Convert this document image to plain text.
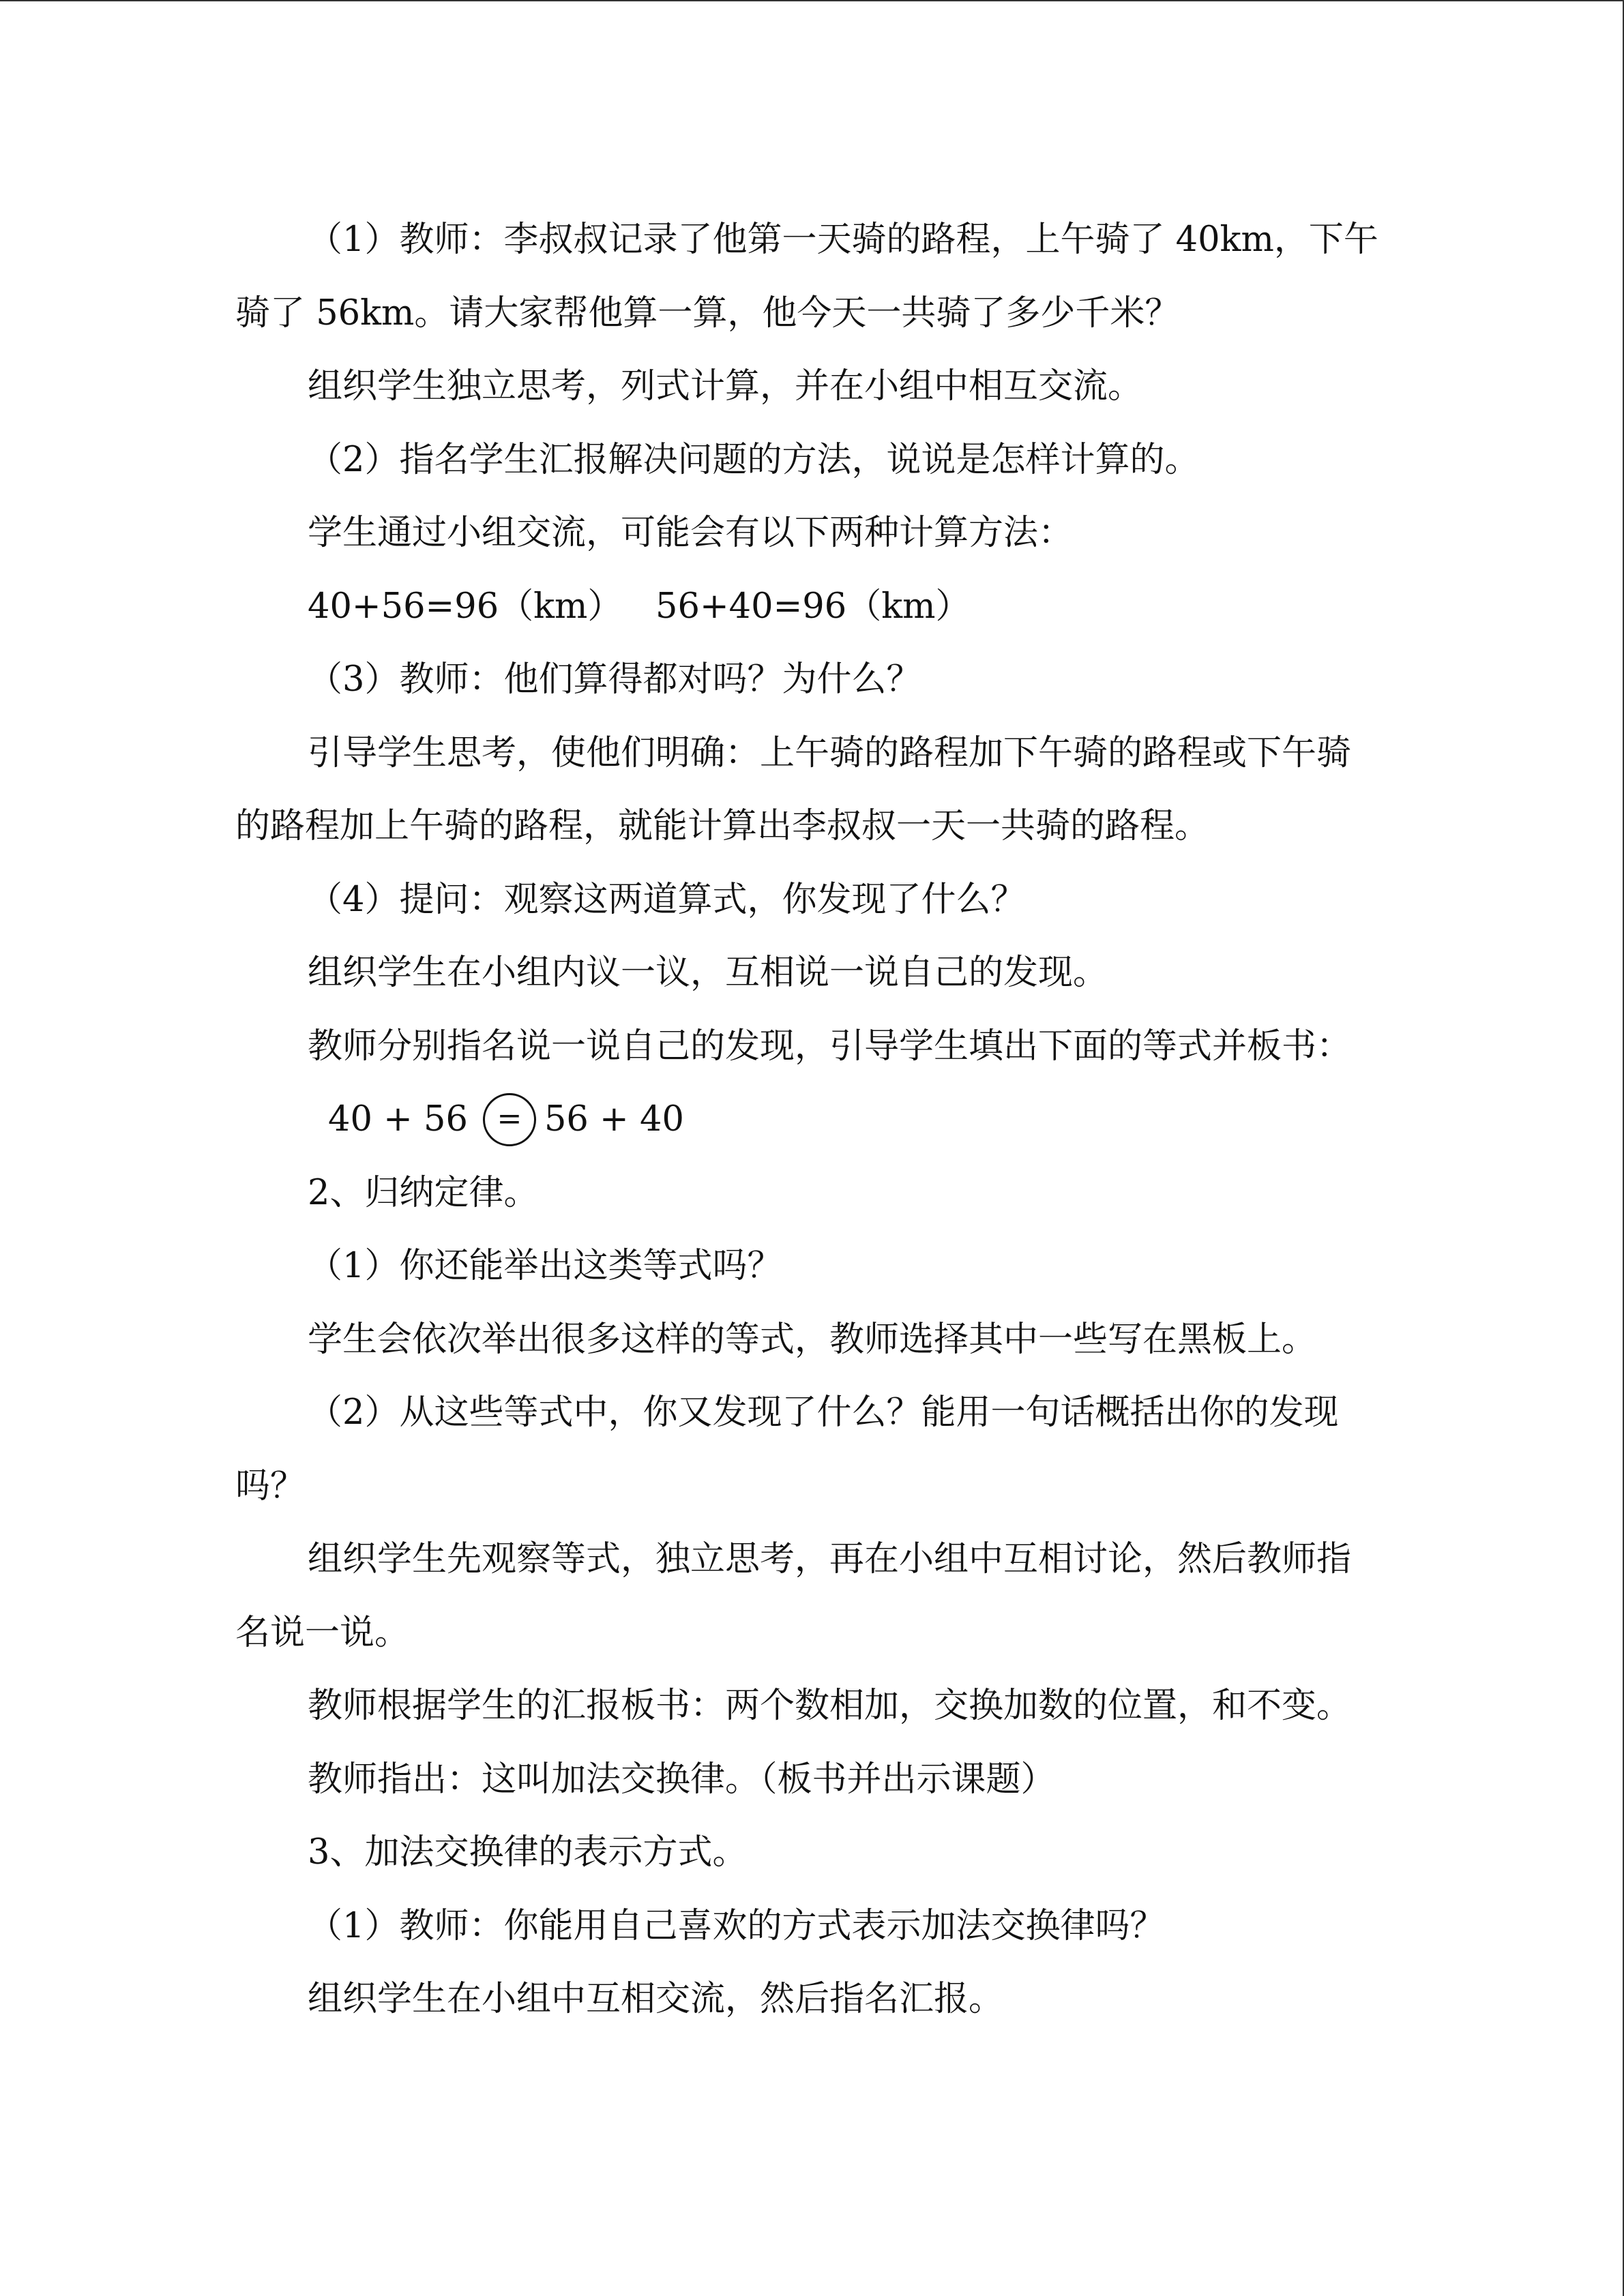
（1）教师：李叔叔记录了他第一天骑的路程，上午骑了 40km，下午

骑了 56km。请大家帮他算一算，他今天一共骑了多少千米？

组织学生独立思考，列式计算，并在小组中相互交流。

（2）指名学生汇报解决问题的方法，说说是怎样计算的。

学生通过小组交流，可能会有以下两种计算方法：

40+56=96（km）   56+40=96（km）

（3）教师：他们算得都对吗？为什么？

引导学生思考，使他们明确：上午骑的路程加下午骑的路程或下午骑

的路程加上午骑的路程，就能计算出李叔叔一天一共骑的路程。

（4）提问：观察这两道算式，你发现了什么？

组织学生在小组内议一议，互相说一说自己的发现。

教师分别指名说一说自己的发现，引导学生填出下面的等式并板书：

40 + 56 = 56 + 40

2、归纳定律。

（1）你还能举出这类等式吗？

学生会依次举出很多这样的等式，教师选择其中一些写在黑板上。

（2）从这些等式中，你又发现了什么？能用一句话概括出你的发现

吗？

组织学生先观察等式，独立思考，再在小组中互相讨论，然后教师指

名说一说。

教师根据学生的汇报板书：两个数相加，交换加数的位置，和不变。

教师指出：这叫加法交换律。（板书并出示课题）

3、加法交换律的表示方式。

（1）教师：你能用自己喜欢的方式表示加法交换律吗？

组织学生在小组中互相交流，然后指名汇报。
